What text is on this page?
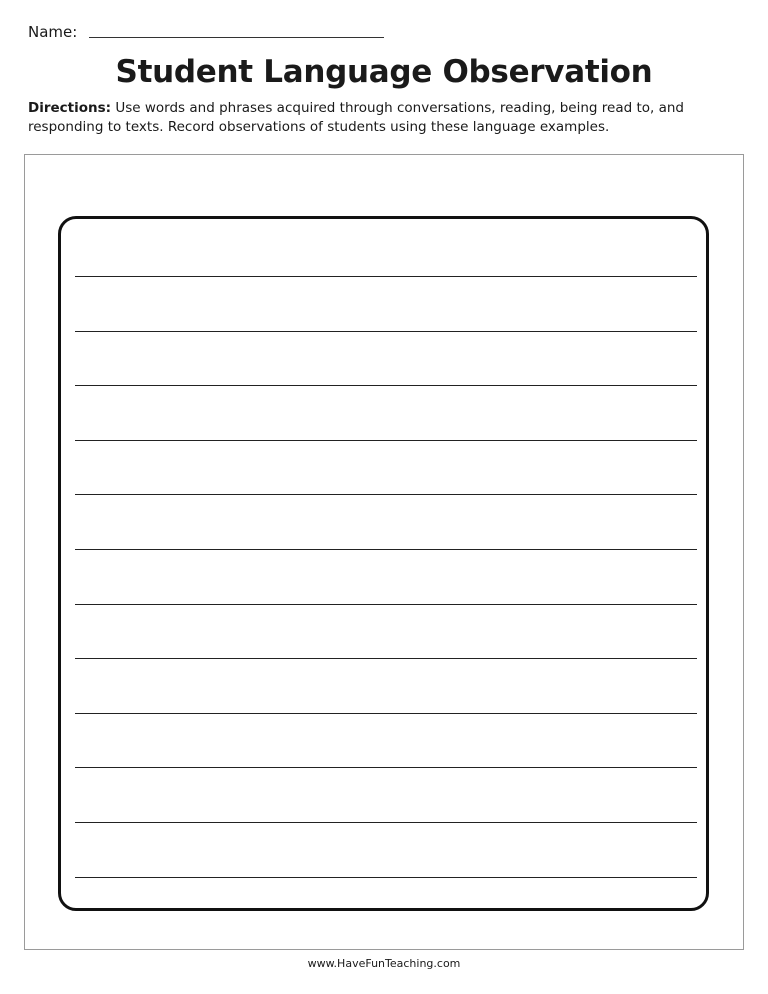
Name:
Student Language Observation
Directions: Use words and phrases acquired through conversations, reading, being read to, and responding to texts. Record observations of students using these language examples.
www.HaveFunTeaching.com
